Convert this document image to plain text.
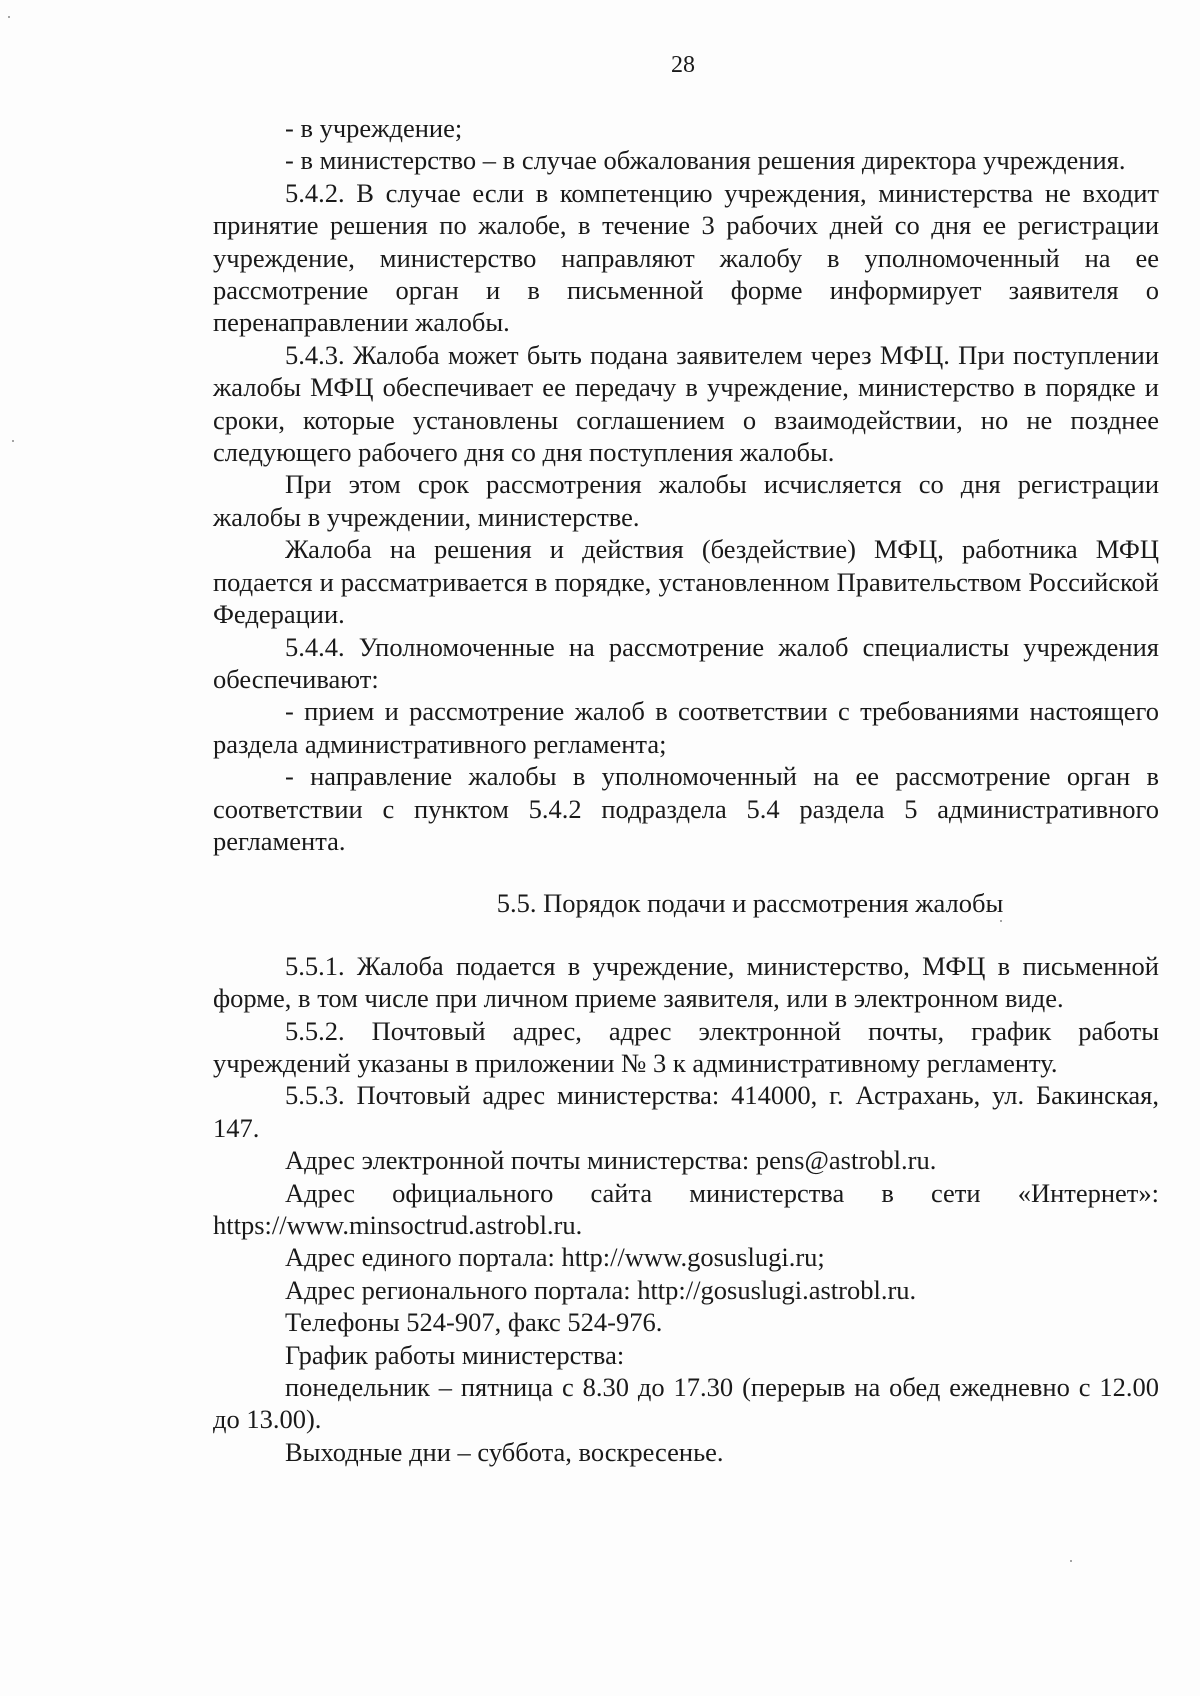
28

- в учреждение;

- в министерство – в случае обжалования решения директора учреждения.

5.4.2. В случае если в компетенцию учреждения, министерства не входит принятие решения по жалобе, в течение 3 рабочих дней со дня ее регистрации учреждение, министерство направляют жалобу в уполномоченный на ее рассмотрение орган и в письменной форме информирует заявителя о перенаправлении жалобы.

5.4.3. Жалоба может быть подана заявителем через МФЦ. При поступлении жалобы МФЦ обеспечивает ее передачу в учреждение, министерство в порядке и сроки, которые установлены соглашением о взаимодействии, но не позднее следующего рабочего дня со дня поступления жалобы.

При этом срок рассмотрения жалобы исчисляется со дня регистрации жалобы в учреждении, министерстве.

Жалоба на решения и действия (бездействие) МФЦ, работника МФЦ подается и рассматривается в порядке, установленном Правительством Российской Федерации.

5.4.4. Уполномоченные на рассмотрение жалоб специалисты учреждения обеспечивают:

- прием и рассмотрение жалоб в соответствии с требованиями настоящего раздела административного регламента;

- направление жалобы в уполномоченный на ее рассмотрение орган в соответствии с пунктом 5.4.2 подраздела 5.4 раздела 5 административного регламента.

5.5. Порядок подачи и рассмотрения жалобы

5.5.1. Жалоба подается в учреждение, министерство, МФЦ в письменной форме, в том числе при личном приеме заявителя, или в электронном виде.

5.5.2. Почтовый адрес, адрес электронной почты, график работы учреждений указаны в приложении № 3 к административному регламенту.

5.5.3. Почтовый адрес министерства: 414000, г. Астрахань, ул. Бакинская, 147.

Адрес электронной почты министерства: pens@astrobl.ru.

Адрес официального сайта министерства в сети «Интернет»: https://www.minsoctrud.astrobl.ru.

Адрес единого портала: http://www.gosuslugi.ru;

Адрес регионального портала: http://gosuslugi.astrobl.ru.

Телефоны 524-907, факс 524-976.

График работы министерства:

понедельник – пятница с 8.30 до 17.30 (перерыв на обед ежедневно с 12.00 до 13.00).

Выходные дни – суббота, воскресенье.
